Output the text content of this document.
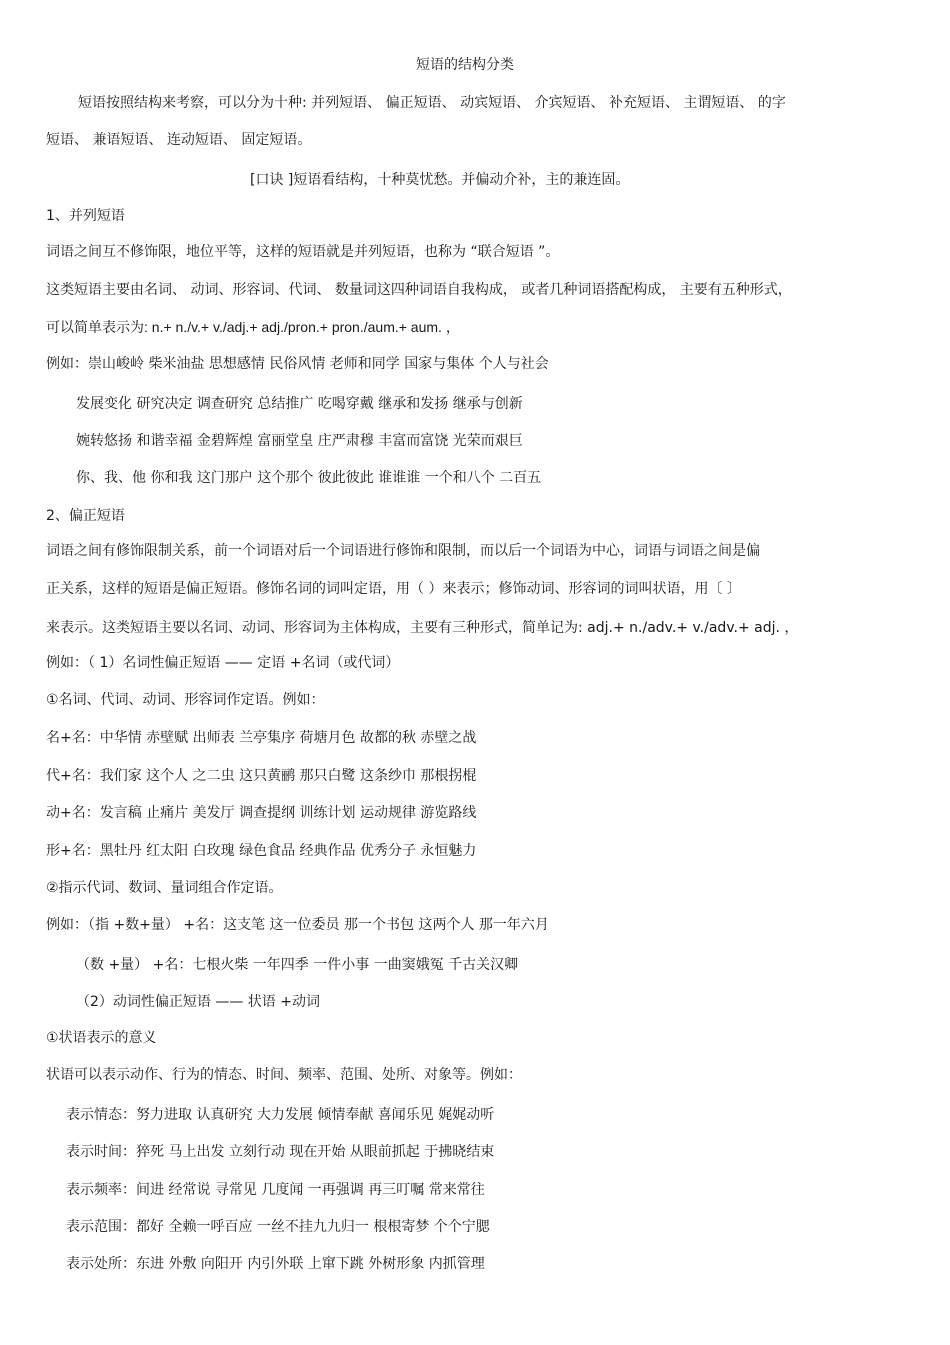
短语的结构分类
短语按照结构来考察，可以分为十种: 并列短语、 偏正短语、 动宾短语、 介宾短语、 补充短语、 主谓短语、 的字
短语、 兼语短语、 连动短语、 固定短语。
[口诀 ]短语看结构，十种莫忧愁。并偏动介补，主的兼连固。
1、并列短语
词语之间互不修饰限，地位平等，这样的短语就是并列短语，也称为 “联合短语 ”。
这类短语主要由名词、 动词、形容词、代词、 数量词这四种词语自我构成， 或者几种词语搭配构成， 主要有五种形式，
可以简单表示为: n.+ n./v.+ v./adj.+ adj./pron.+ pron./aum.+ aum. ，
例如：崇山峻岭 柴米油盐 思想感情 民俗风情 老师和同学 国家与集体 个人与社会
发展变化 研究决定 调查研究 总结推广 吃喝穿戴 继承和发扬 继承与创新
婉转悠扬 和谐幸福 金碧辉煌 富丽堂皇 庄严肃穆 丰富而富饶 光荣而艰巨
你、我、他 你和我 这门那户 这个那个 彼此彼此 谁谁谁 一个和八个 二百五
2、偏正短语
词语之间有修饰限制关系，前一个词语对后一个词语进行修饰和限制，而以后一个词语为中心，词语与词语之间是偏
正关系，这样的短语是偏正短语。修饰名词的词叫定语，用（ ）来表示；修饰动词、形容词的词叫状语，用〔 〕
来表示。这类短语主要以名词、动词、形容词为主体构成，主要有三种形式，简单记为: adj.+ n./adv.+ v./adv.+ adj. ，
例如：（ 1）名词性偏正短语 —— 定语 +名词（或代词）
①名词、代词、动词、形容词作定语。例如：
名+名：中华情 赤壁赋 出师表 兰亭集序 荷塘月色 故都的秋 赤壁之战
代+名：我们家 这个人 之二虫 这只黄鹂 那只白鹭 这条纱巾 那根拐棍
动+名：发言稿 止痛片 美发厅 调查提纲 训练计划 运动规律 游览路线
形+名：黑牡丹 红太阳 白玫瑰 绿色食品 经典作品 优秀分子 永恒魅力
②指示代词、数词、量词组合作定语。
例如：（指 +数+量） +名：这支笔 这一位委员 那一个书包 这两个人 那一年六月
（数 +量） +名：七根火柴 一年四季 一件小事 一曲窦娥冤 千古关汉卿
（2）动词性偏正短语 —— 状语 +动词
①状语表示的意义
状语可以表示动作、行为的情态、时间、频率、范围、处所、对象等。例如：
表示情态：努力进取 认真研究 大力发展 倾情奉献 喜闻乐见 娓娓动听
表示时间：猝死 马上出发 立刻行动 现在开始 从眼前抓起 于拂晓结束
表示频率：间进 经常说 寻常见 几度闻 一再强调 再三叮嘱 常来常往
表示范围：都好 全赖一呼百应 一丝不挂九九归一 根根寄梦 个个宁腮
表示处所：东进 外敷 向阳开 内引外联 上窜下跳 外树形象 内抓管理
